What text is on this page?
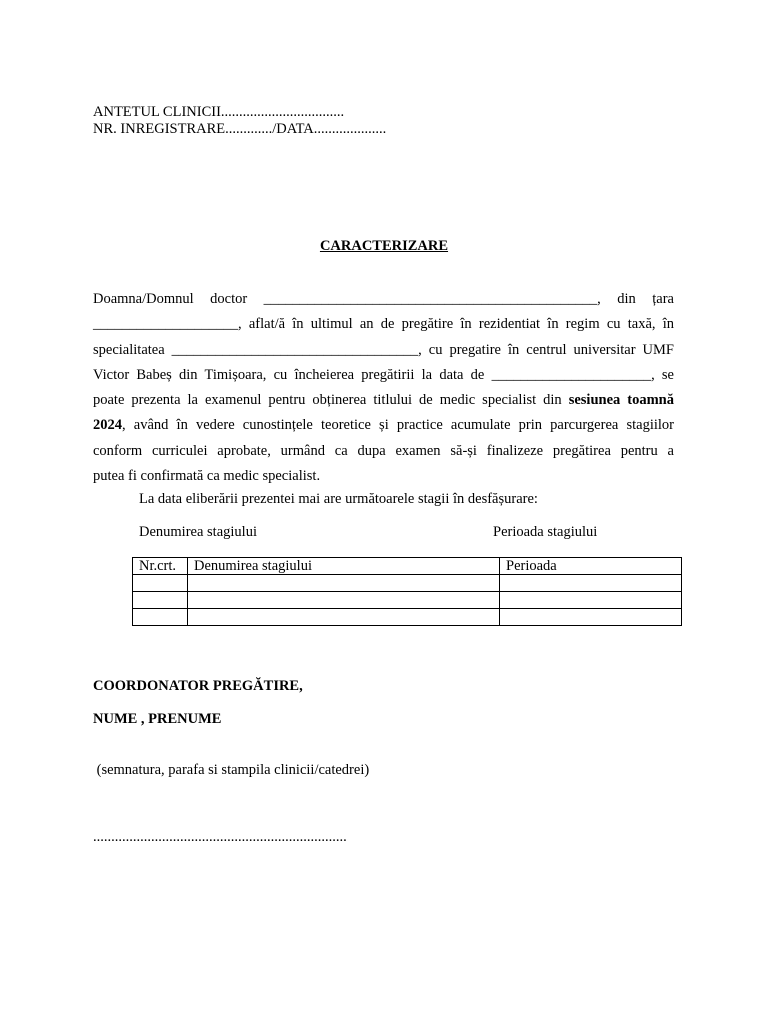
ANTETUL CLINICII..................................
NR. INREGISTRARE............./DATA....................
CARACTERIZARE
Doamna/Domnul doctor ______________________________________________, din țara
____________________, aflat/ă în ultimul an de pregătire în rezidentiat în regim cu taxă, în
specialitatea __________________________________, cu pregatire în centrul universitar UMF
Victor Babeș din Timișoara, cu încheierea pregătirii la data de ______________________, se
poate prezenta la examenul pentru obținerea titlului de medic specialist din sesiunea toamnă
2024, având în vedere cunostințele teoretice și practice acumulate prin parcurgerea stagiilor
conform curriculei aprobate, urmând ca dupa examen să-și finalizeze pregătirea pentru a
putea fi confirmată ca medic specialist.
La data eliberării prezentei mai are următoarele stagii în desfășurare:
Denumirea stagiului	Perioada stagiului
Nr.crt.	Denumirea stagiului	Perioada

COORDONATOR PREGĂTIRE,
NUME , PRENUME
(semnatura, parafa si stampila clinicii/catedrei)
......................................................................
